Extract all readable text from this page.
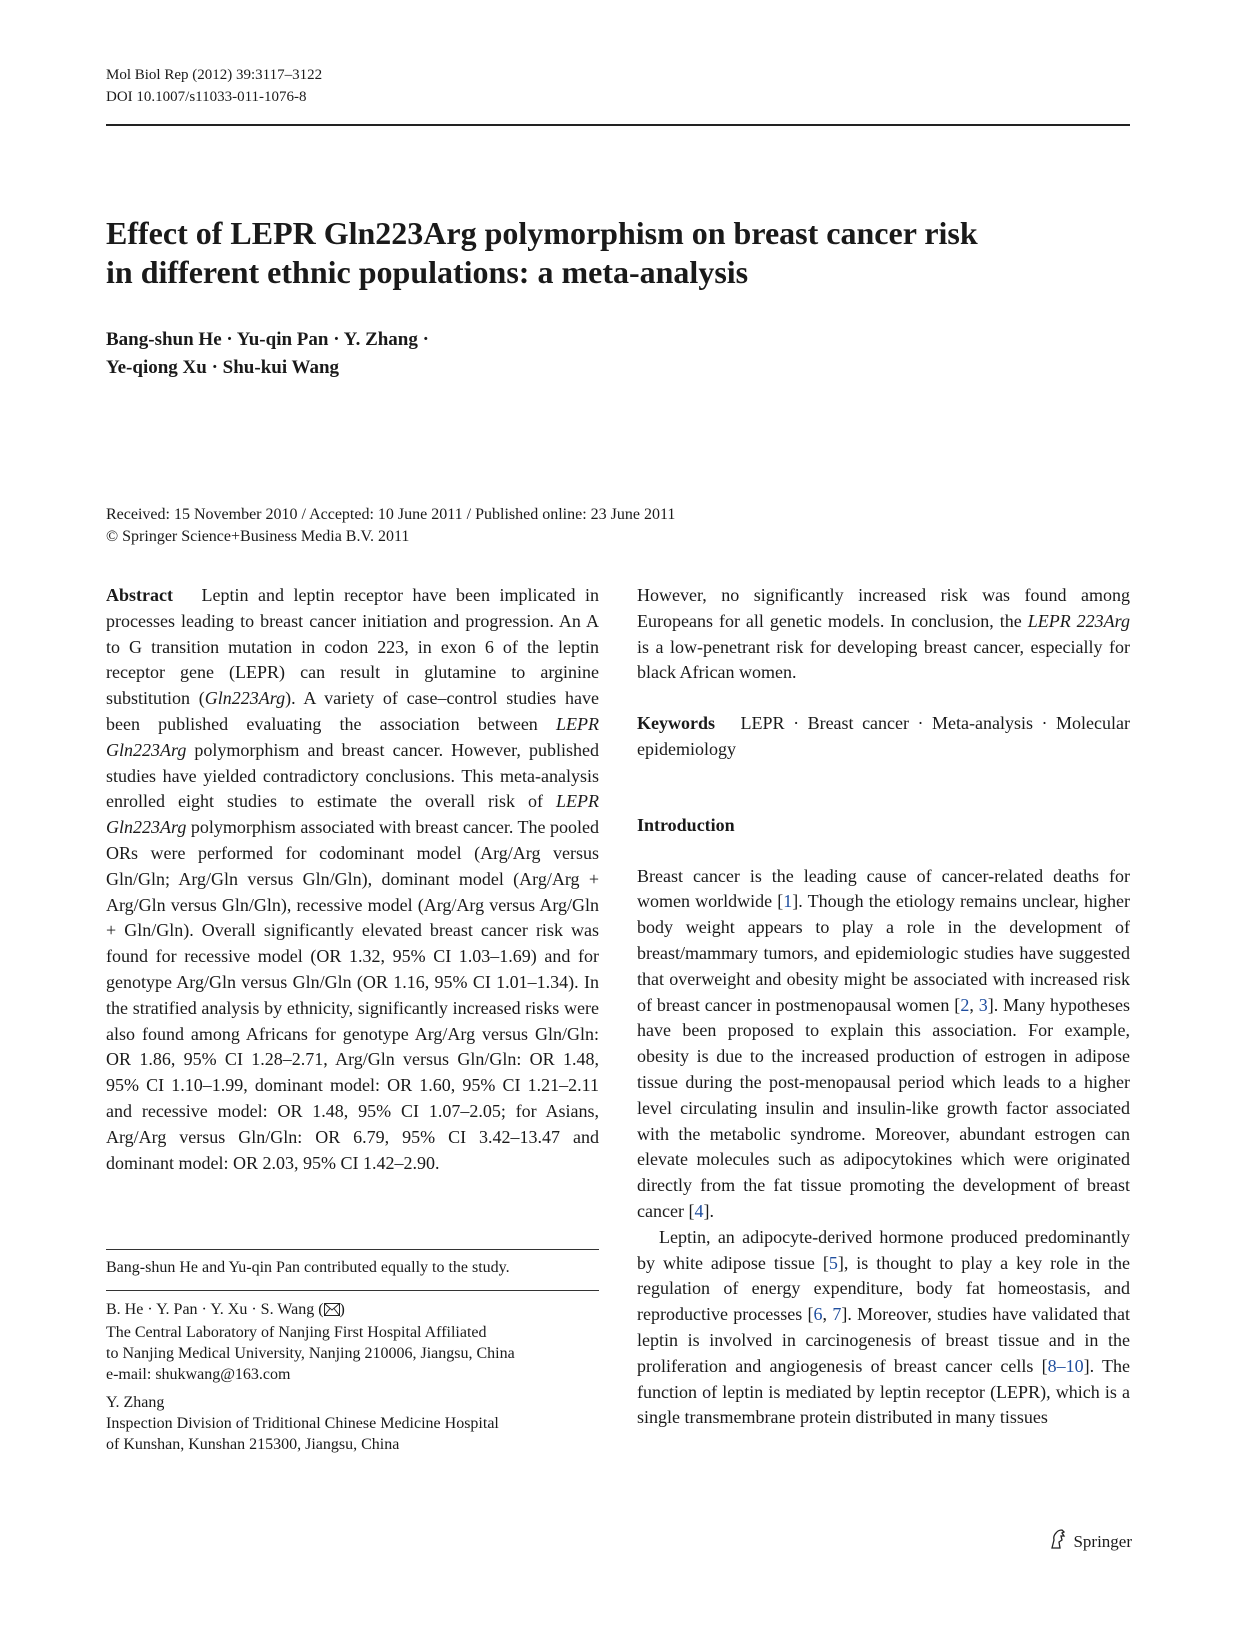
Mol Biol Rep (2012) 39:3117–3122
DOI 10.1007/s11033-011-1076-8
Effect of LEPR Gln223Arg polymorphism on breast cancer risk
in different ethnic populations: a meta-analysis
Bang-shun He · Yu-qin Pan · Y. Zhang ·
Ye-qiong Xu · Shu-kui Wang
Received: 15 November 2010 / Accepted: 10 June 2011 / Published online: 23 June 2011
© Springer Science+Business Media B.V. 2011

Abstract Leptin and leptin receptor have been implicated in processes leading to breast cancer initiation and progression. An A to G transition mutation in codon 223, in exon 6 of the leptin receptor gene (LEPR) can result in glutamine to arginine substitution (Gln223Arg). A variety of case–control studies have been published evaluating the association between LEPR Gln223Arg polymorphism and breast cancer. However, published studies have yielded contradictory conclusions. This meta-analysis enrolled eight studies to estimate the overall risk of LEPR Gln223Arg polymorphism associated with breast cancer. The pooled ORs were performed for codominant model (Arg/Arg versus Gln/Gln; Arg/Gln versus Gln/Gln), dominant model (Arg/Arg + Arg/Gln versus Gln/Gln), recessive model (Arg/Arg versus Arg/Gln + Gln/Gln). Overall significantly elevated breast cancer risk was found for recessive model (OR 1.32, 95% CI 1.03–1.69) and for genotype Arg/Gln versus Gln/Gln (OR 1.16, 95% CI 1.01–1.34). In the stratified analysis by ethnicity, significantly increased risks were also found among Africans for genotype Arg/Arg versus Gln/Gln: OR 1.86, 95% CI 1.28–2.71, Arg/Gln versus Gln/Gln: OR 1.48, 95% CI 1.10–1.99, dominant model: OR 1.60, 95% CI 1.21–2.11 and recessive model: OR 1.48, 95% CI 1.07–2.05; for Asians, Arg/Arg versus Gln/Gln: OR 6.79, 95% CI 3.42–13.47 and dominant model: OR 2.03, 95% CI 1.42–2.90.

Bang-shun He and Yu-qin Pan contributed equally to the study.
B. He · Y. Pan · Y. Xu · S. Wang ( )
The Central Laboratory of Nanjing First Hospital Affiliated
to Nanjing Medical University, Nanjing 210006, Jiangsu, China
e-mail: shukwang@163.com
Y. Zhang
Inspection Division of Triditional Chinese Medicine Hospital
of Kunshan, Kunshan 215300, Jiangsu, China

However, no significantly increased risk was found among Europeans for all genetic models. In conclusion, the LEPR 223Arg is a low-penetrant risk for developing breast cancer, especially for black African women.

Keywords LEPR · Breast cancer · Meta-analysis · Molecular epidemiology

Introduction

Breast cancer is the leading cause of cancer-related deaths for women worldwide [1]. Though the etiology remains unclear, higher body weight appears to play a role in the development of breast/mammary tumors, and epidemiologic studies have suggested that overweight and obesity might be associated with increased risk of breast cancer in postmenopausal women [2, 3]. Many hypotheses have been proposed to explain this association. For example, obesity is due to the increased production of estrogen in adipose tissue during the post-menopausal period which leads to a higher level circulating insulin and insulin-like growth factor associated with the metabolic syndrome. Moreover, abundant estrogen can elevate molecules such as adipocytokines which were originated directly from the fat tissue promoting the development of breast cancer [4].

Leptin, an adipocyte-derived hormone produced predominantly by white adipose tissue [5], is thought to play a key role in the regulation of energy expenditure, body fat homeostasis, and reproductive processes [6, 7]. Moreover, studies have validated that leptin is involved in carcinogenesis of breast tissue and in the proliferation and angiogenesis of breast cancer cells [8–10]. The function of leptin is mediated by leptin receptor (LEPR), which is a single transmembrane protein distributed in many tissues

Springer
